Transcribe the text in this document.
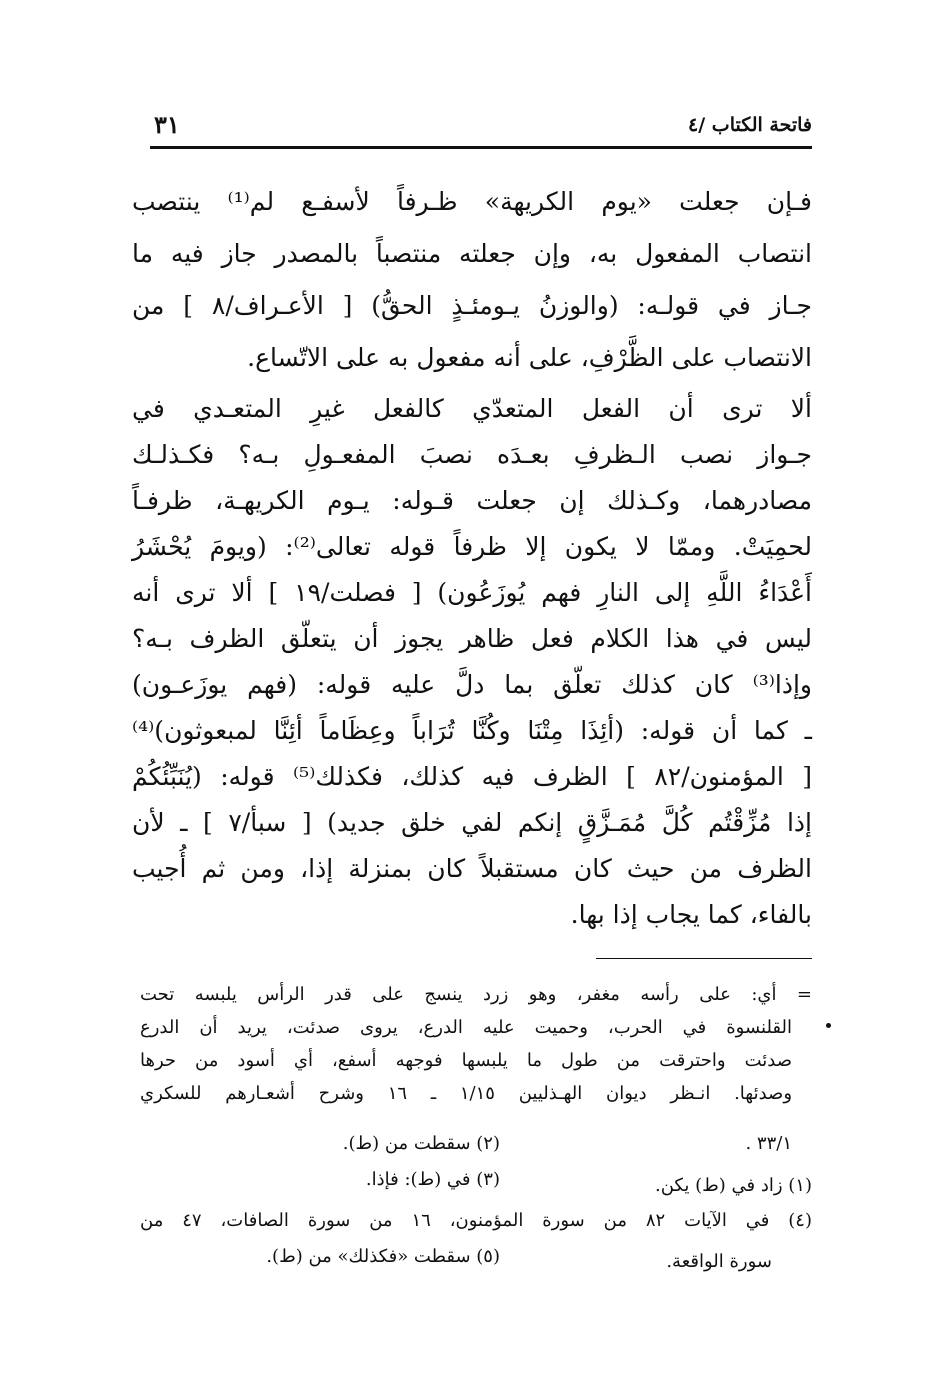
فاتحة الكتاب /٤
٣١
فـإن جعلت «يوم الكريهة» ظـرفاً لأسفـع لم⁽¹⁾ ينتصب
انتصاب المفعول به، وإن جعلته منتصباً بالمصدر جاز فيه ما
جـاز في قولـه: (والوزنُ يـومئـذٍ الحقُّ) [ الأعـراف/٨ ] من
الانتصاب على الظَّرْفِ، على أنه مفعول به على الاتّساع.
ألا ترى أن الفعل المتعدّي كالفعل غيرِ المتعـدي في
جـواز نصب الـظرفِ بعـدَه نصبَ المفعـولِ بـه؟ فكـذلـك
مصادرهما، وكـذلك إن جعلت قـوله: يـوم الكريهـة، ظرفـاً
لحمِيَتْ. وممّا لا يكون إلا ظرفاً قوله تعالى⁽²⁾: (ويومَ يُحْشَرُ
أَعْدَاءُ اللَّهِ إلى النارِ فهم يُوزَعُون) [ فصلت/١٩ ] ألا ترى أنه
ليس في هذا الكلام فعل ظاهر يجوز أن يتعلّق الظرف بـه؟
وإذا⁽³⁾ كان كذلك تعلّق بما دلَّ عليه قوله: (فهم يوزَعـون)
ـ كما أن قوله: (أئِذَا مِتْنَا وكُنَّا تُرَاباً وعِظَاماً أئِنَّا لمبعوثون)⁽⁴⁾
[ المؤمنون/٨٢ ] الظرف فيه كذلك، فكذلك⁽⁵⁾ قوله: (يُنَبِّئُكُمْ
إذا مُزِّقْتُم كُلَّ مُمَـزَّقٍ إنكم لفي خلق جديد) [ سبأ/٧ ] ـ لأن
الظرف من حيث كان مستقبلاً كان بمنزلة إذا، ومن ثم أُجيب
بالفاء، كما يجاب إذا بها.
= أي: على رأسه مغفر، وهو زرد ينسج على قدر الرأس يلبسه تحت
القلنسوة في الحرب، وحميت عليه الدرع، يروى صدئت، يريد أن الدرع
صدئت واحترقت من طول ما يلبسها فوجهه أسفع، أي أسود من حرها
وصدئها. انـظر ديوان الهـذليين ١/١٥ ـ ١٦ وشرح أشعـارهم للسكري
٣٣/١ .
(٢) سقطت من (ط).
(١) زاد في (ط) يكن.
(٣) في (ط): فإذا.
(٤) في الآيات ٨٢ من سورة المؤمنون، ١٦ من سورة الصافات، ٤٧ من
سورة الواقعة.
(٥) سقطت «فكذلك» من (ط).
